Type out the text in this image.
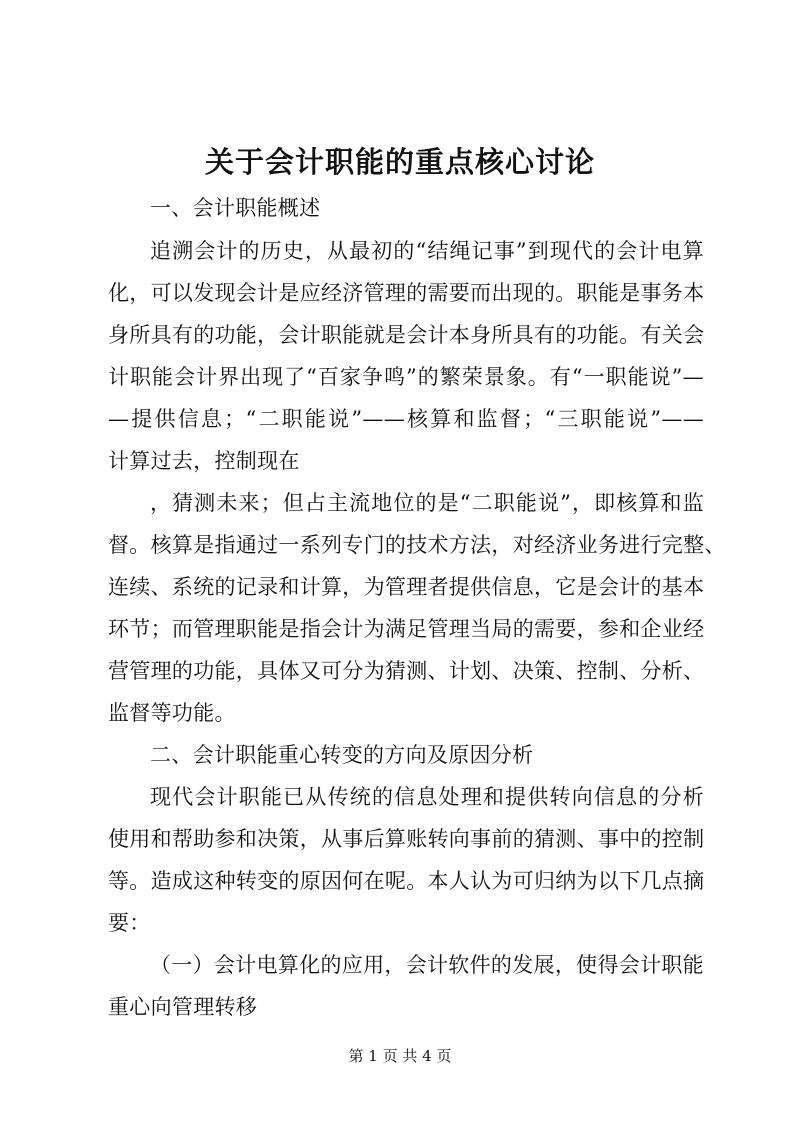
关于会计职能的重点核心讨论

一、会计职能概述

追溯会计的历史，从最初的“结绳记事”到现代的会计电算

化，可以发现会计是应经济管理的需要而出现的。职能是事务本

身所具有的功能，会计职能就是会计本身所具有的功能。有关会

计职能会计界出现了“百家争鸣”的繁荣景象。有“一职能说”—

—提供信息；“二职能说”——核算和监督；“三职能说”——

计算过去，控制现在

，猜测未来；但占主流地位的是“二职能说”，即核算和监

督。核算是指通过一系列专门的技术方法，对经济业务进行完整、

连续、系统的记录和计算，为管理者提供信息，它是会计的基本

环节；而管理职能是指会计为满足管理当局的需要，参和企业经

营管理的功能，具体又可分为猜测、计划、决策、控制、分析、

监督等功能。

二、会计职能重心转变的方向及原因分析

现代会计职能已从传统的信息处理和提供转向信息的分析

使用和帮助参和决策，从事后算账转向事前的猜测、事中的控制

等。造成这种转变的原因何在呢。本人认为可归纳为以下几点摘

要：

（一）会计电算化的应用，会计软件的发展，使得会计职能

重心向管理转移

第 1 页 共 4 页
